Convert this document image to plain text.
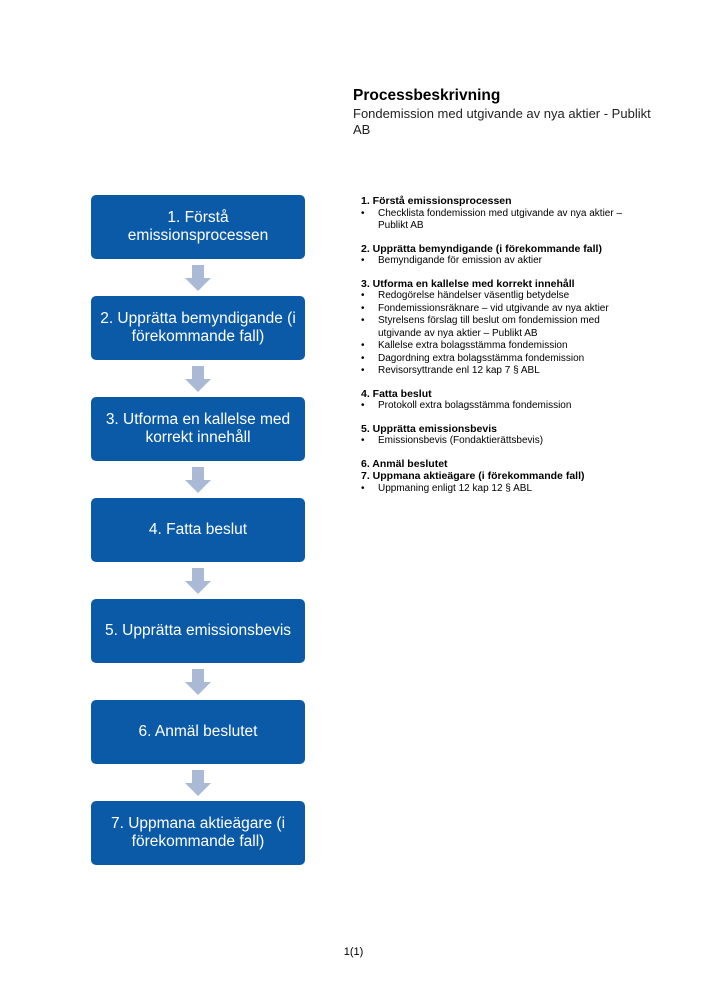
Processbeskrivning
Fondemission med utgivande av nya aktier - Publikt AB
1. Förstå emissionsprocessen
2. Upprätta bemyndigande (i förekommande fall)
3. Utforma en kallelse med korrekt innehåll
4. Fatta beslut
5. Upprätta emissionsbevis
6. Anmäl beslutet
7. Uppmana aktieägare (i förekommande fall)
1. Förstå emissionsprocessen
• Checklista fondemission med utgivande av nya aktier – Publikt AB
2. Upprätta bemyndigande (i förekommande fall)
• Bemyndigande för emission av aktier
3. Utforma en kallelse med korrekt innehåll
• Redogörelse händelser väsentlig betydelse
• Fondemissionsräknare – vid utgivande av nya aktier
• Styrelsens förslag till beslut om fondemission med utgivande av nya aktier – Publikt AB
• Kallelse extra bolagsstämma fondemission
• Dagordning extra bolagsstämma fondemission
• Revisorsyttrande enl 12 kap 7 § ABL
4. Fatta beslut
• Protokoll extra bolagsstämma fondemission
5. Upprätta emissionsbevis
• Emissionsbevis (Fondaktierättsbevis)
6. Anmäl beslutet
7. Uppmana aktieägare (i förekommande fall)
• Uppmaning enligt 12 kap 12 § ABL
1(1)
